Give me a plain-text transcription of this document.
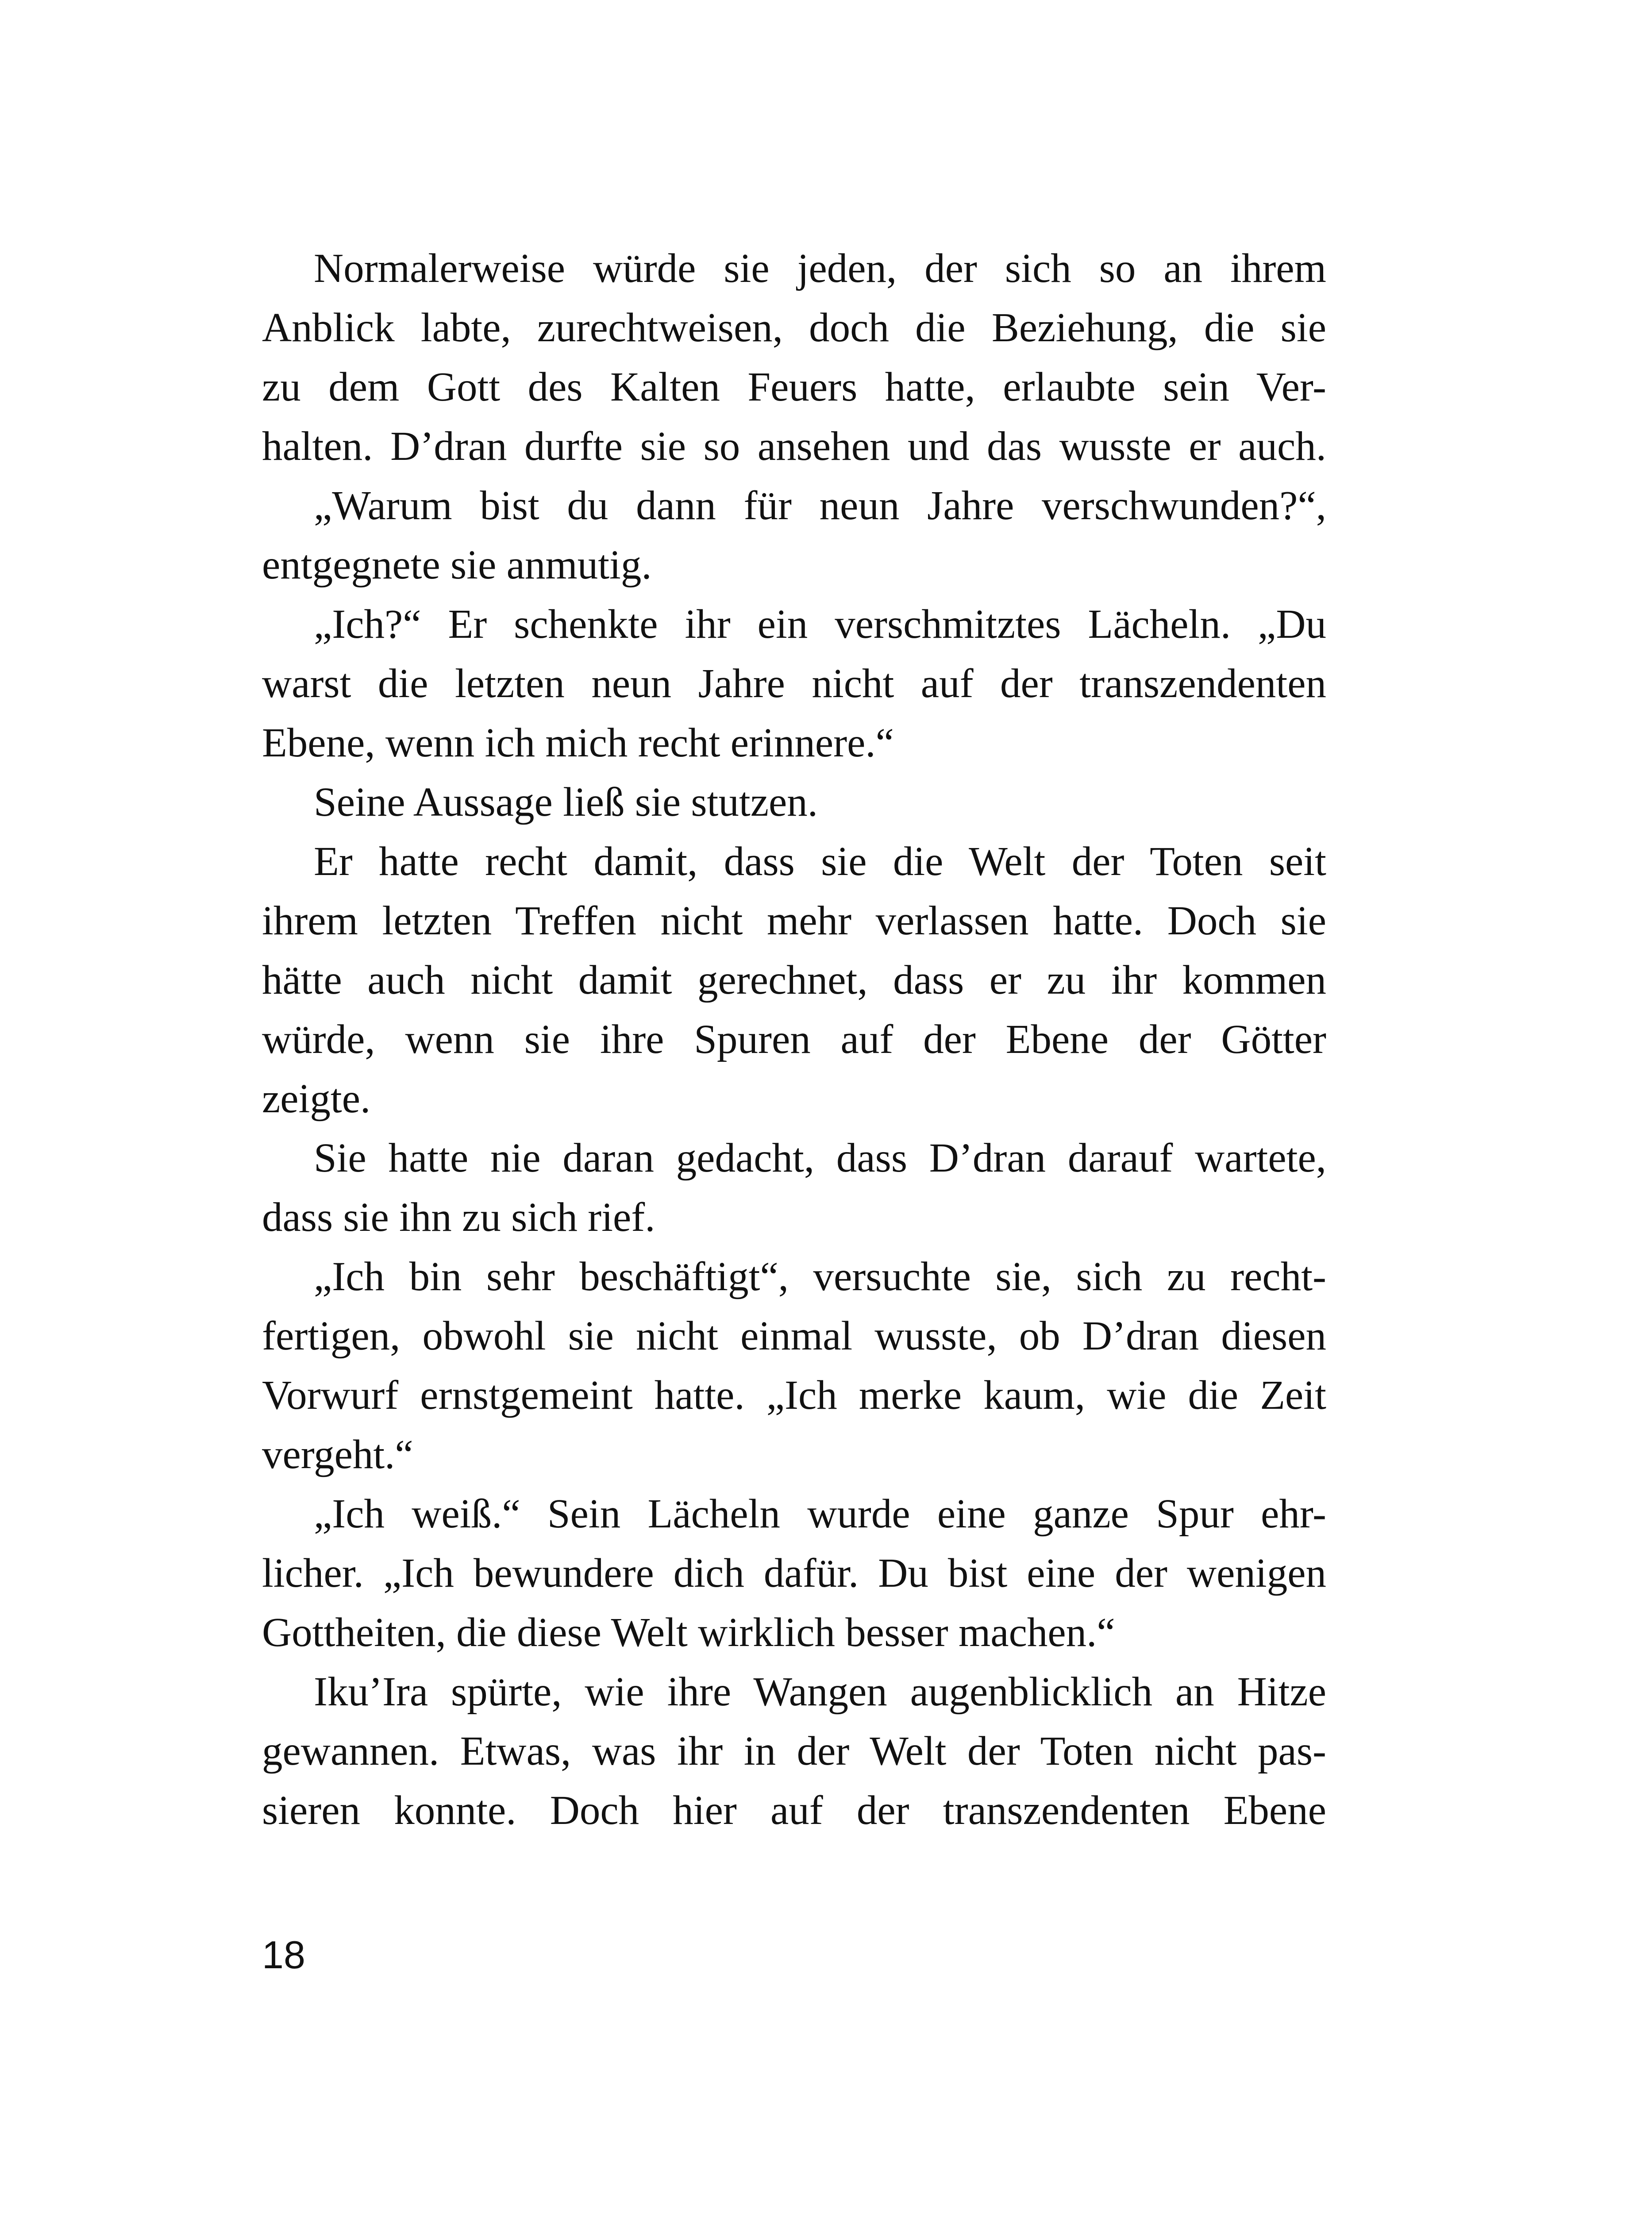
Normalerweise würde sie jeden, der sich so an ihrem
Anblick labte, zurechtweisen, doch die Beziehung, die sie
zu dem Gott des Kalten Feuers hatte, erlaubte sein Ver-
halten. D’dran durfte sie so ansehen und das wusste er auch.
„Warum bist du dann für neun Jahre verschwunden?“,
entgegnete sie anmutig.
„Ich?“ Er schenkte ihr ein verschmitztes Lächeln. „Du
warst die letzten neun Jahre nicht auf der transzendenten
Ebene, wenn ich mich recht erinnere.“
Seine Aussage ließ sie stutzen.
Er hatte recht damit, dass sie die Welt der Toten seit
ihrem letzten Treffen nicht mehr verlassen hatte. Doch sie
hätte auch nicht damit gerechnet, dass er zu ihr kommen
würde, wenn sie ihre Spuren auf der Ebene der Götter
zeigte.
Sie hatte nie daran gedacht, dass D’dran darauf wartete,
dass sie ihn zu sich rief.
„Ich bin sehr beschäftigt“, versuchte sie, sich zu recht-
fertigen, obwohl sie nicht einmal wusste, ob D’dran diesen
Vorwurf ernstgemeint hatte. „Ich merke kaum, wie die Zeit
vergeht.“
„Ich weiß.“ Sein Lächeln wurde eine ganze Spur ehr-
licher. „Ich bewundere dich dafür. Du bist eine der wenigen
Gottheiten, die diese Welt wirklich besser machen.“
Iku’Ira spürte, wie ihre Wangen augenblicklich an Hitze
gewannen. Etwas, was ihr in der Welt der Toten nicht pas-
sieren konnte. Doch hier auf der transzendenten Ebene
18
